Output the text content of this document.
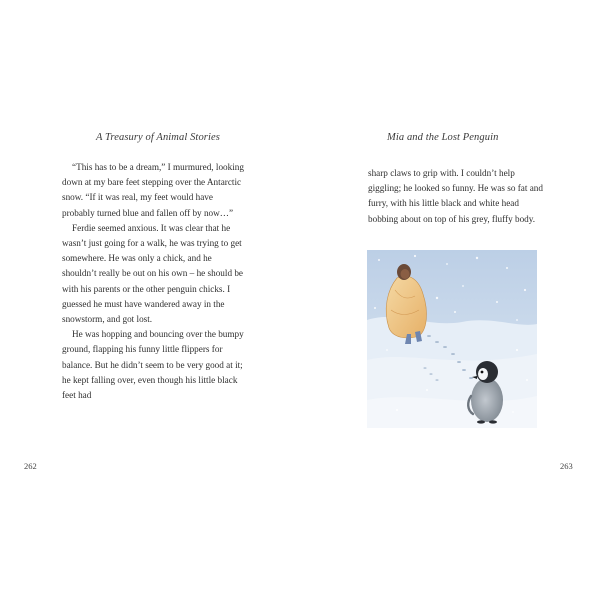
A Treasury of Animal Stories

“This has to be a dream,” I murmured, looking down at my bare feet stepping over the Antarctic snow. “If it was real, my feet would have probably turned blue and fallen off by now…”

Ferdie seemed anxious. It was clear that he wasn’t just going for a walk, he was trying to get somewhere. He was only a chick, and he shouldn’t really be out on his own – he should be with his parents or the other penguin chicks. I guessed he must have wandered away in the snowstorm, and got lost.

He was hopping and bouncing over the bumpy ground, flapping his funny little flippers for balance. But he didn’t seem to be very good at it; he kept falling over, even though his little black feet had

262
Mia and the Lost Penguin

sharp claws to grip with. I couldn’t help giggling; he looked so funny. He was so fat and furry, with his little black and white head bobbing about on top of his grey, fluffy body.

263
